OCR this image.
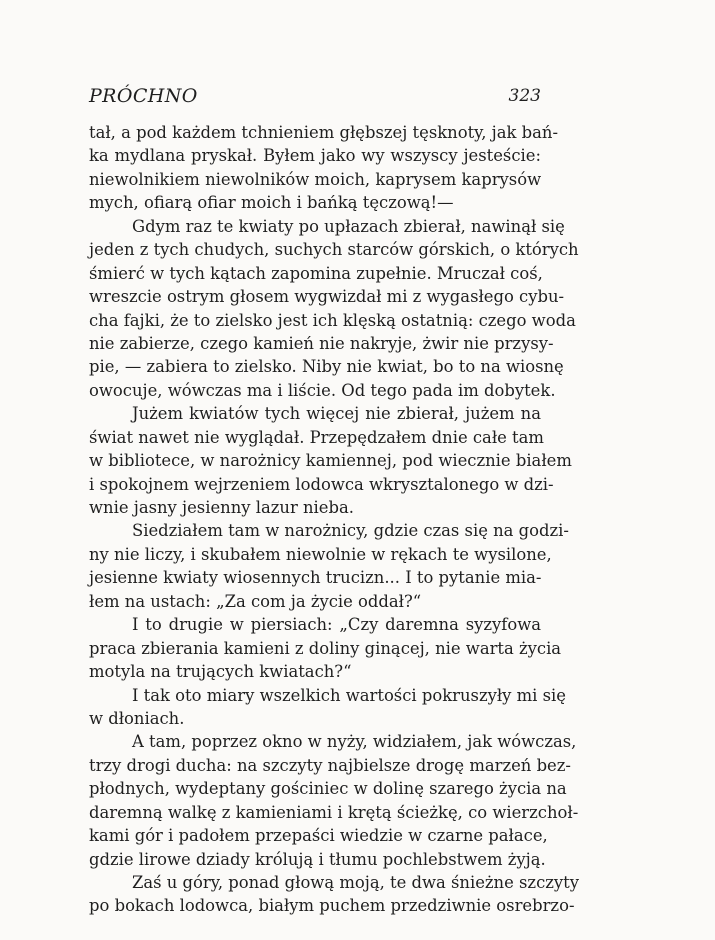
PRÓCHNO	323
tał, a pod każdem tchnieniem głębszej tęsknoty, jak bań-
ka mydlana pryskał. Byłem jako wy wszyscy jesteście:
niewolnikiem niewolników moich, kaprysem kaprysów
mych, ofiarą ofiar moich i bańką tęczową!—
Gdym raz te kwiaty po upłazach zbierał, nawinął się
jeden z tych chudych, suchych starców górskich, o których
śmierć w tych kątach zapomina zupełnie. Mruczał coś,
wreszcie ostrym głosem wygwizdał mi z wygasłego cybu-
cha fajki, że to zielsko jest ich klęską ostatnią: czego woda
nie zabierze, czego kamień nie nakryje, żwir nie przysy-
pie, — zabiera to zielsko. Niby nie kwiat, bo to na wiosnę
owocuje, wówczas ma i liście. Od tego pada im dobytek.
Jużem kwiatów tych więcej nie zbierał, jużem na
świat nawet nie wyglądał. Przepędzałem dnie całe tam
w bibliotece, w narożnicy kamiennej, pod wiecznie białem
i spokojnem wejrzeniem lodowca wkrysztalonego w dzi-
wnie jasny jesienny lazur nieba.
Siedziałem tam w narożnicy, gdzie czas się na godzi-
ny nie liczy, i skubałem niewolnie w rękach te wysilone,
jesienne kwiaty wiosennych trucizn... I to pytanie mia-
łem na ustach: „Za com ja życie oddał?“
I to drugie w piersiach: „Czy daremna syzyfowa
praca zbierania kamieni z doliny ginącej, nie warta życia
motyla na trujących kwiatach?“
I tak oto miary wszelkich wartości pokruszyły mi się
w dłoniach.
A tam, poprzez okno w nyży, widziałem, jak wówczas,
trzy drogi ducha: na szczyty najbielsze drogę marzeń bez-
płodnych, wydeptany gościniec w dolinę szarego życia na
daremną walkę z kamieniami i krętą ścieżkę, co wierzchoł-
kami gór i padołem przepaści wiedzie w czarne pałace,
gdzie lirowe dziady królują i tłumu pochlebstwem żyją.
Zaś u góry, ponad głową moją, te dwa śnieżne szczyty
po bokach lodowca, białym puchem przedziwnie osrebrzo-
